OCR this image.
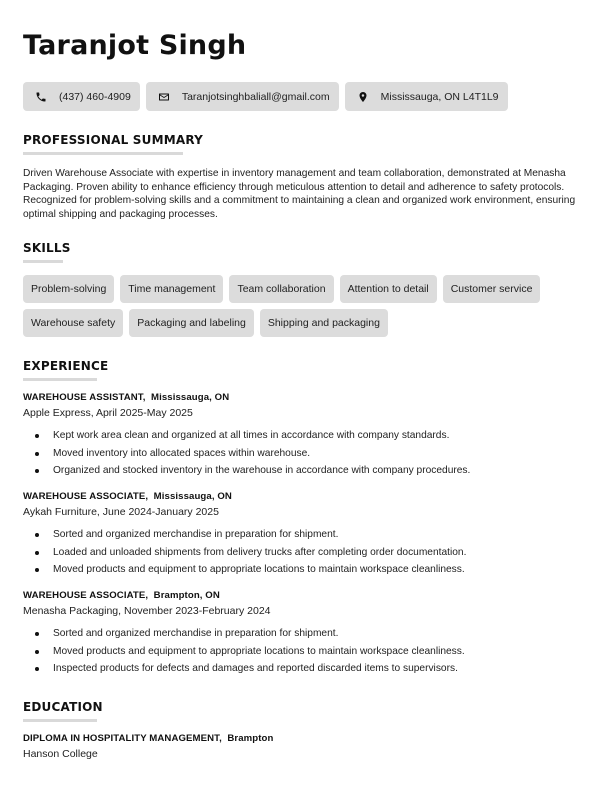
Taranjot Singh
(437) 460-4909	Taranjotsinghbaliall@gmail.com	Mississauga, ON L4T1L9
PROFESSIONAL SUMMARY
Driven Warehouse Associate with expertise in inventory management and team collaboration, demonstrated at Menasha Packaging. Proven ability to enhance efficiency through meticulous attention to detail and adherence to safety protocols. Recognized for problem-solving skills and a commitment to maintaining a clean and organized work environment, ensuring optimal shipping and packaging processes.
SKILLS
Problem-solving	Time management	Team collaboration	Attention to detail	Customer service
Warehouse safety	Packaging and labeling	Shipping and packaging
EXPERIENCE
WAREHOUSE ASSISTANT, Mississauga, ON
Apple Express, April 2025-May 2025
Kept work area clean and organized at all times in accordance with company standards.
Moved inventory into allocated spaces within warehouse.
Organized and stocked inventory in the warehouse in accordance with company procedures.
WAREHOUSE ASSOCIATE, Mississauga, ON
Aykah Furniture, June 2024-January 2025
Sorted and organized merchandise in preparation for shipment.
Loaded and unloaded shipments from delivery trucks after completing order documentation.
Moved products and equipment to appropriate locations to maintain workspace cleanliness.
WAREHOUSE ASSOCIATE, Brampton, ON
Menasha Packaging, November 2023-February 2024
Sorted and organized merchandise in preparation for shipment.
Moved products and equipment to appropriate locations to maintain workspace cleanliness.
Inspected products for defects and damages and reported discarded items to supervisors.
EDUCATION
DIPLOMA IN HOSPITALITY MANAGEMENT, Brampton
Hanson College
